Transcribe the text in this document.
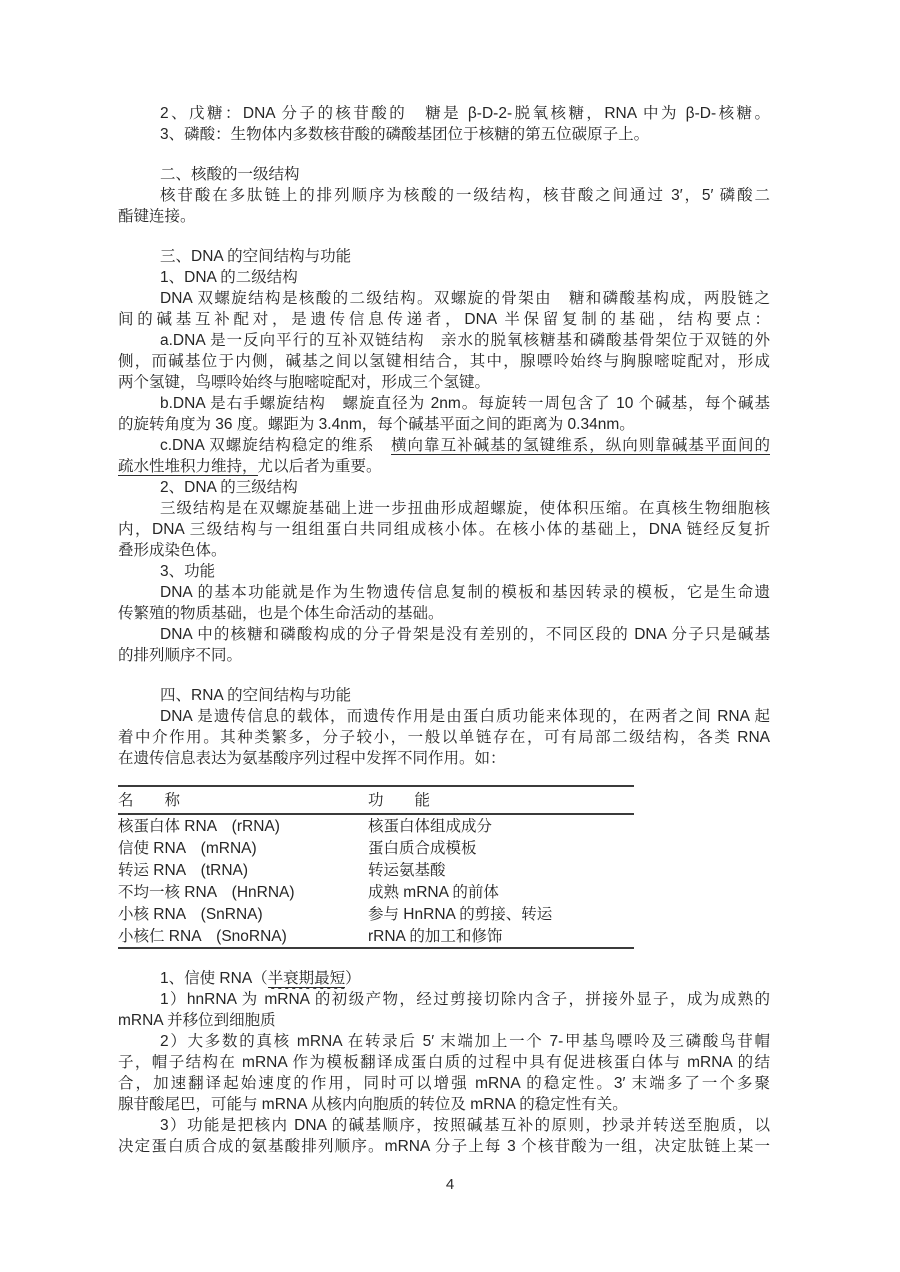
2、戊糖：DNA 分子的核苷酸的　糖是 β-D-2-脱氧核糖，RNA 中为 β-D-核糖。
3、磷酸：生物体内多数核苷酸的磷酸基团位于核糖的第五位碳原子上。
二、核酸的一级结构
核苷酸在多肽链上的排列顺序为核酸的一级结构，核苷酸之间通过 3′，5′ 磷酸二
酯键连接。
三、DNA 的空间结构与功能
1、DNA 的二级结构
DNA 双螺旋结构是核酸的二级结构。双螺旋的骨架由　糖和磷酸基构成，两股链之
间的碱基互补配对，是遗传信息传递者，DNA 半保留复制的基础，结构要点：
a.DNA 是一反向平行的互补双链结构　亲水的脱氧核糖基和磷酸基骨架位于双链的外
侧，而碱基位于内侧，碱基之间以氢键相结合，其中，腺嘌呤始终与胸腺嘧啶配对，形成
两个氢键，鸟嘌呤始终与胞嘧啶配对，形成三个氢键。
b.DNA 是右手螺旋结构　螺旋直径为 2nm。每旋转一周包含了 10 个碱基，每个碱基
的旋转角度为 36 度。螺距为 3.4nm，每个碱基平面之间的距离为 0.34nm。
c.DNA 双螺旋结构稳定的维系　横向靠互补碱基的氢键维系，纵向则靠碱基平面间的
疏水性堆积力维持，尤以后者为重要。
2、DNA 的三级结构
三级结构是在双螺旋基础上进一步扭曲形成超螺旋，使体积压缩。在真核生物细胞核
内，DNA 三级结构与一组组蛋白共同组成核小体。在核小体的基础上，DNA 链经反复折
叠形成染色体。
3、功能
DNA 的基本功能就是作为生物遗传信息复制的模板和基因转录的模板，它是生命遗
传繁殖的物质基础，也是个体生命活动的基础。
DNA 中的核糖和磷酸构成的分子骨架是没有差别的，不同区段的 DNA 分子只是碱基
的排列顺序不同。
四、RNA 的空间结构与功能
DNA 是遗传信息的载体，而遗传作用是由蛋白质功能来体现的，在两者之间 RNA 起
着中介作用。其种类繁多，分子较小，一般以单链存在，可有局部二级结构，各类 RNA
在遗传信息表达为氨基酸序列过程中发挥不同作用。如：
名　　称	功　　能
核蛋白体 RNA　(rRNA)	核蛋白体组成成分
信使 RNA　(mRNA)	蛋白质合成模板
转运 RNA　(tRNA)	转运氨基酸
不均一核 RNA　(HnRNA)	成熟 mRNA 的前体
小核 RNA　(SnRNA)	参与 HnRNA 的剪接、转运
小核仁 RNA　(SnoRNA)	rRNA 的加工和修饰
1、信使 RNA（半衰期最短）
1）hnRNA 为 mRNA 的初级产物，经过剪接切除内含子，拼接外显子，成为成熟的
mRNA 并移位到细胞质
2）大多数的真核 mRNA 在转录后 5′ 末端加上一个 7-甲基鸟嘌呤及三磷酸鸟苷帽
子，帽子结构在 mRNA 作为模板翻译成蛋白质的过程中具有促进核蛋白体与 mRNA 的结
合，加速翻译起始速度的作用，同时可以增强 mRNA 的稳定性。3′ 末端多了一个多聚
腺苷酸尾巴，可能与 mRNA 从核内向胞质的转位及 mRNA 的稳定性有关。
3）功能是把核内 DNA 的碱基顺序，按照碱基互补的原则，抄录并转送至胞质，以
决定蛋白质合成的氨基酸排列顺序。mRNA 分子上每 3 个核苷酸为一组，决定肽链上某一
4
